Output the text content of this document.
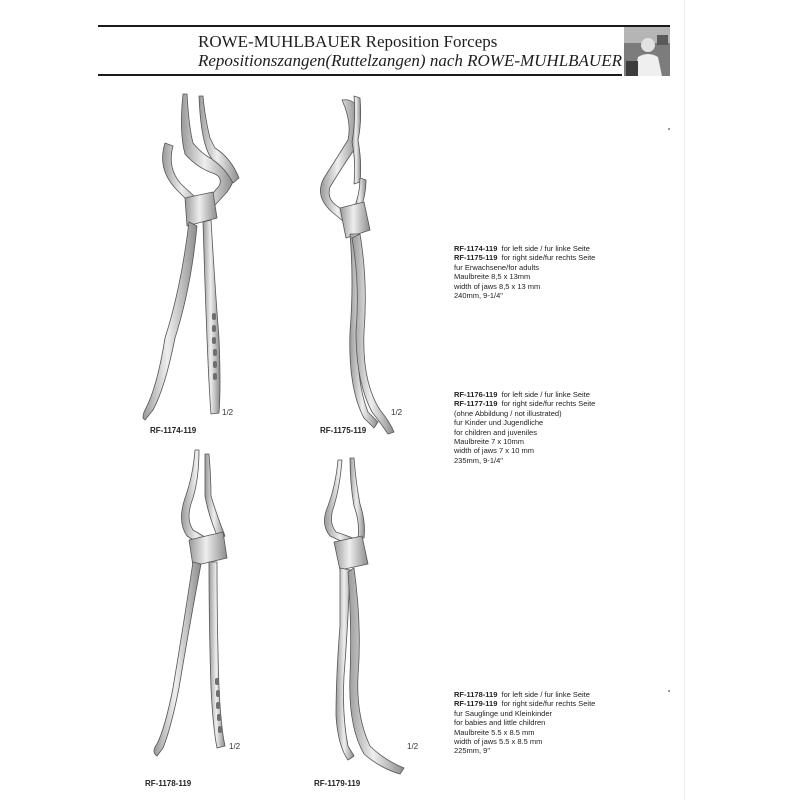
ROWE-MUHLBAUER Reposition Forceps
Repositionszangen(Ruttelzangen) nach ROWE-MUHLBAUER
1/2
RF-1174-119
1/2
RF-1175-119
1/2
RF-1178-119
1/2
RF-1179-119
RF-1174-119 for left side / fur linke Seite
RF-1175-119 for right side/fur rechts Seite
fur Erwachsene/for adults
Maulbreite 8,5 x 13mm
width of jaws 8,5 x 13 mm
240mm, 9-1/4"
RF-1176-119 for left side / fur linke Seite
RF-1177-119 for right side/fur rechts Seite
(ohne Abbildung / not illustrated)
fur Kinder und Jugendliche
for children and juveniles
Maulbreite 7 x 10mm
width of jaws 7 x 10 mm
235mm, 9-1/4"
RF-1178-119 for left side / fur linke Seite
RF-1179-119 for right side/fur rechts Seite
fur Sauglinge und Kleinkinder
for babies and little children
Maulbreite 5.5 x 8.5 mm
width of jaws 5.5 x 8.5 mm
225mm, 9"
